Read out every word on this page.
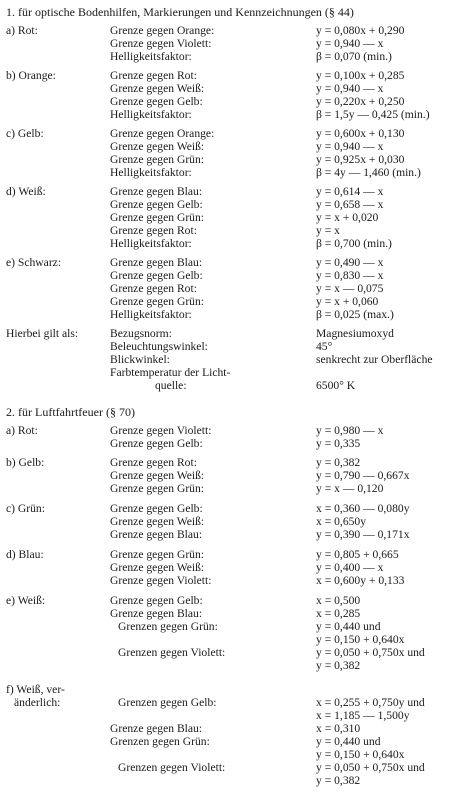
1. für optische Bodenhilfen, Markierungen und Kennzeichnungen (§ 44)
a) Rot:	Grenze gegen Orange:	y = 0,080x + 0,290
Grenze gegen Violett:	y = 0,940 — x
Helligkeitsfaktor:	β = 0,070 (min.)
b) Orange:	Grenze gegen Rot:	y = 0,100x + 0,285
Grenze gegen Weiß:	y = 0,940 — x
Grenze gegen Gelb:	y = 0,220x + 0,250
Helligkeitsfaktor:	β = 1,5y — 0,425 (min.)
c) Gelb:	Grenze gegen Orange:	y = 0,600x + 0,130
Grenze gegen Weiß:	y = 0,940 — x
Grenze gegen Grün:	y = 0,925x + 0,030
Helligkeitsfaktor:	β = 4y — 1,460 (min.)
d) Weiß:	Grenze gegen Blau:	y = 0,614 — x
Grenze gegen Gelb:	y = 0,658 — x
Grenze gegen Grün:	y = x + 0,020
Grenze gegen Rot:	y = x
Helligkeitsfaktor:	β = 0,700 (min.)
e) Schwarz:	Grenze gegen Blau:	y = 0,490 — x
Grenze gegen Gelb:	y = 0,830 — x
Grenze gegen Rot:	y = x — 0,075
Grenze gegen Grün:	y = x + 0,060
Helligkeitsfaktor:	β = 0,025 (max.)
Hierbei gilt als:	Bezugsnorm:	Magnesiumoxyd
Beleuchtungswinkel:	45°
Blickwinkel:	senkrecht zur Oberfläche
Farbtemperatur der Licht-
quelle:	6500° K
2. für Luftfahrtfeuer (§ 70)
a) Rot:	Grenze gegen Violett:	y = 0,980 — x
Grenze gegen Gelb:	y = 0,335
b) Gelb:	Grenze gegen Rot:	y = 0,382
Grenze gegen Weiß:	y = 0,790 — 0,667x
Grenze gegen Grün:	y = x — 0,120
c) Grün:	Grenze gegen Gelb:	x = 0,360 — 0,080y
Grenze gegen Weiß:	x = 0,650y
Grenze gegen Blau:	y = 0,390 — 0,171x
d) Blau:	Grenze gegen Grün:	y = 0,805 + 0,665
Grenze gegen Weiß:	y = 0,400 — x
Grenze gegen Violett:	x = 0,600y + 0,133
e) Weiß:	Grenze gegen Gelb:	x = 0,500
Grenze gegen Blau:	x = 0,285
Grenzen gegen Grün:	y = 0,440 und
y = 0,150 + 0,640x
Grenzen gegen Violett:	y = 0,050 + 0,750x und
y = 0,382
f) Weiß, ver-
änderlich:	Grenzen gegen Gelb:	x = 0,255 + 0,750y und
x = 1,185 — 1,500y
Grenze gegen Blau:	x = 0,310
Grenzen gegen Grün:	y = 0,440 und
y = 0,150 + 0,640x
Grenzen gegen Violett:	y = 0,050 + 0,750x und
y = 0,382
